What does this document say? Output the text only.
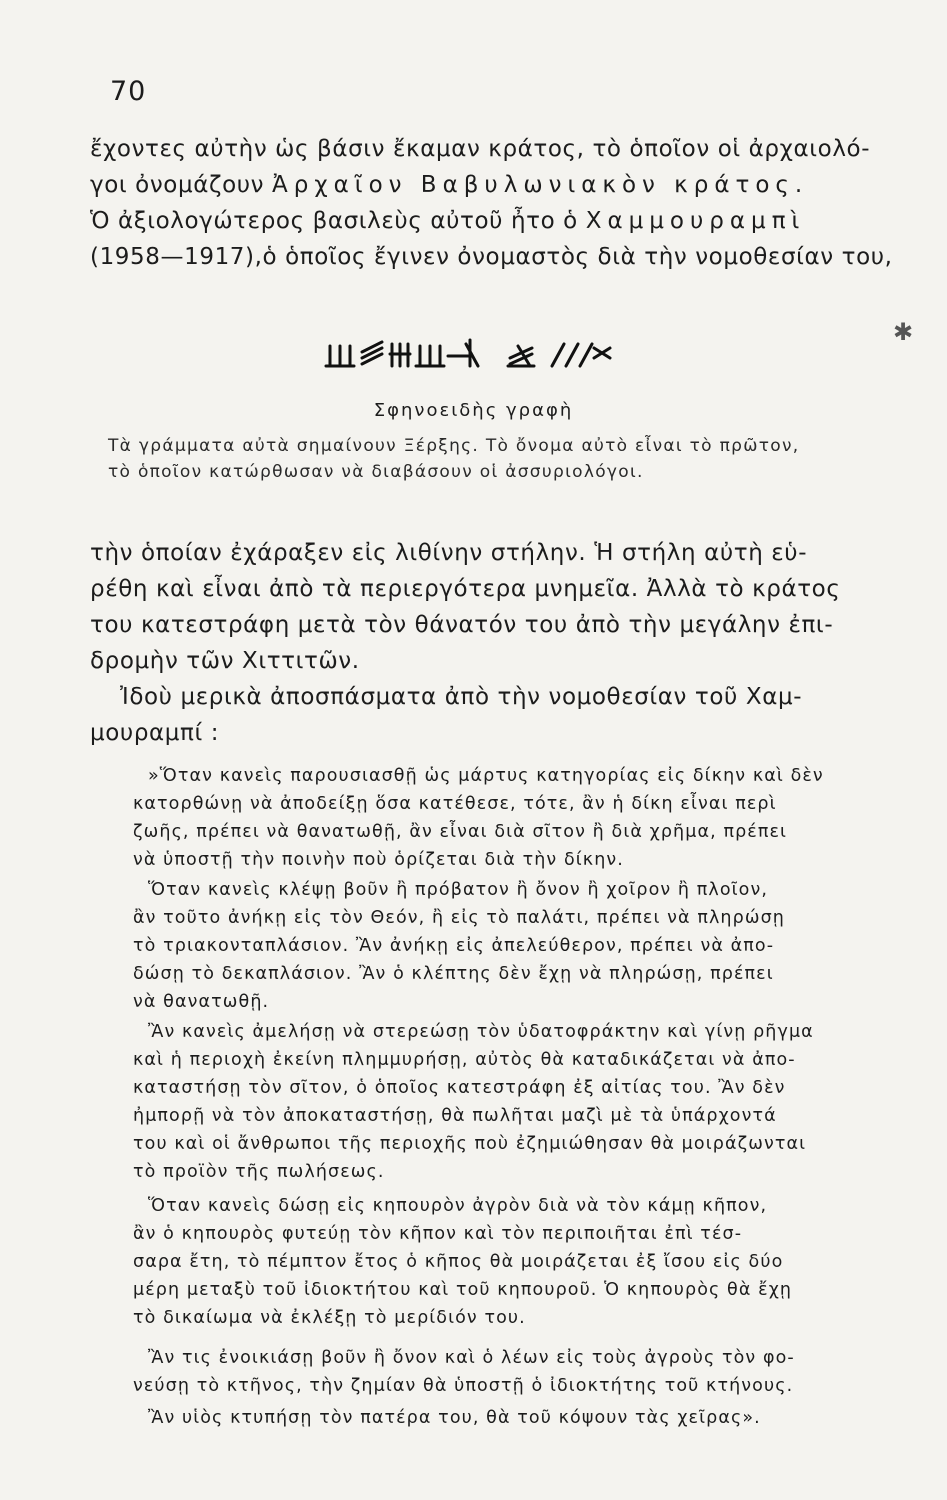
70

ἔχοντες αὐτὴν ὡς βάσιν ἔκαμαν κράτος, τὸ ὁποῖον οἱ ἀρχαιολό-

γοι ὀνομάζουν Ἀρχαῖον Βαβυλωνιακὸν κράτος.

Ὁ ἀξιολογώτερος βασιλεὺς αὐτοῦ ἦτο ὁ Χαμμουραμπὶ

(1958—1917),ὁ ὁποῖος ἔγινεν ὀνομαστὸς διὰ τὴν νομοθεσίαν του,

Σφηνοειδὴς γραφὴ

Τὰ γράμματα αὐτὰ σημαίνουν Ξέρξης. Τὸ ὄνομα αὐτὸ εἶναι τὸ πρῶτον,

τὸ ὁποῖον κατώρθωσαν νὰ διαβάσουν οἱ ἀσσυριολόγοι.

τὴν ὁποίαν ἐχάραξεν εἰς λιθίνην στήλην. Ἡ στήλη αὐτὴ εὑ-

ρέθη καὶ εἶναι ἀπὸ τὰ περιεργότερα μνημεῖα. Ἀλλὰ τὸ κράτος

του κατεστράφη μετὰ τὸν θάνατόν του ἀπὸ τὴν μεγάλην ἐπι-

δρομὴν τῶν Χιττιτῶν.

Ἰδοὺ μερικὰ ἀποσπάσματα ἀπὸ τὴν νομοθεσίαν τοῦ Χαμ-

μουραμπί :

»Ὅταν κανεὶς παρουσιασθῇ ὡς μάρτυς κατηγορίας εἰς δίκην καὶ δὲν

κατορθώνῃ νὰ ἀποδείξῃ ὅσα κατέθεσε, τότε, ἂν ἡ δίκη εἶναι περὶ

ζωῆς, πρέπει νὰ θανατωθῇ, ἂν εἶναι διὰ σῖτον ἢ διὰ χρῆμα, πρέπει

νὰ ὑποστῇ τὴν ποινὴν ποὺ ὁρίζεται διὰ τὴν δίκην.

Ὅταν κανεὶς κλέψῃ βοῦν ἢ πρόβατον ἢ ὄνον ἢ χοῖρον ἢ πλοῖον,

ἂν τοῦτο ἀνήκῃ εἰς τὸν Θεόν, ἢ εἰς τὸ παλάτι, πρέπει νὰ πληρώσῃ

τὸ τριακονταπλάσιον. Ἂν ἀνήκῃ εἰς ἀπελεύθερον, πρέπει νὰ ἀπο-

δώσῃ τὸ δεκαπλάσιον. Ἂν ὁ κλέπτης δὲν ἔχῃ νὰ πληρώσῃ, πρέπει

νὰ θανατωθῇ.

Ἂν κανεὶς ἀμελήσῃ νὰ στερεώσῃ τὸν ὑδατοφράκτην καὶ γίνῃ ρῆγμα

καὶ ἡ περιοχὴ ἐκείνη πλημμυρήσῃ, αὐτὸς θὰ καταδικάζεται νὰ ἀπο-

καταστήσῃ τὸν σῖτον, ὁ ὁποῖος κατεστράφη ἐξ αἰτίας του. Ἂν δὲν

ἠμπορῇ νὰ τὸν ἀποκαταστήσῃ, θὰ πωλῆται μαζὶ μὲ τὰ ὑπάρχοντά

του καὶ οἱ ἄνθρωποι τῆς περιοχῆς ποὺ ἐζημιώθησαν θὰ μοιράζωνται

τὸ προϊὸν τῆς πωλήσεως.

Ὅταν κανεὶς δώσῃ εἰς κηπουρὸν ἀγρὸν διὰ νὰ τὸν κάμῃ κῆπον,

ἂν ὁ κηπουρὸς φυτεύῃ τὸν κῆπον καὶ τὸν περιποιῆται ἐπὶ τέσ-

σαρα ἔτη, τὸ πέμπτον ἔτος ὁ κῆπος θὰ μοιράζεται ἐξ ἴσου εἰς δύο

μέρη μεταξὺ τοῦ ἰδιοκτήτου καὶ τοῦ κηπουροῦ. Ὁ κηπουρὸς θὰ ἔχῃ

τὸ δικαίωμα νὰ ἐκλέξῃ τὸ μερίδιόν του.

Ἂν τις ἐνοικιάσῃ βοῦν ἢ ὄνον καὶ ὁ λέων εἰς τοὺς ἀγροὺς τὸν φο-

νεύσῃ τὸ κτῆνος, τὴν ζημίαν θὰ ὑποστῇ ὁ ἰδιοκτήτης τοῦ κτήνους.

Ἂν υἱὸς κτυπήσῃ τὸν πατέρα του, θὰ τοῦ κόψουν τὰς χεῖρας».

✱
